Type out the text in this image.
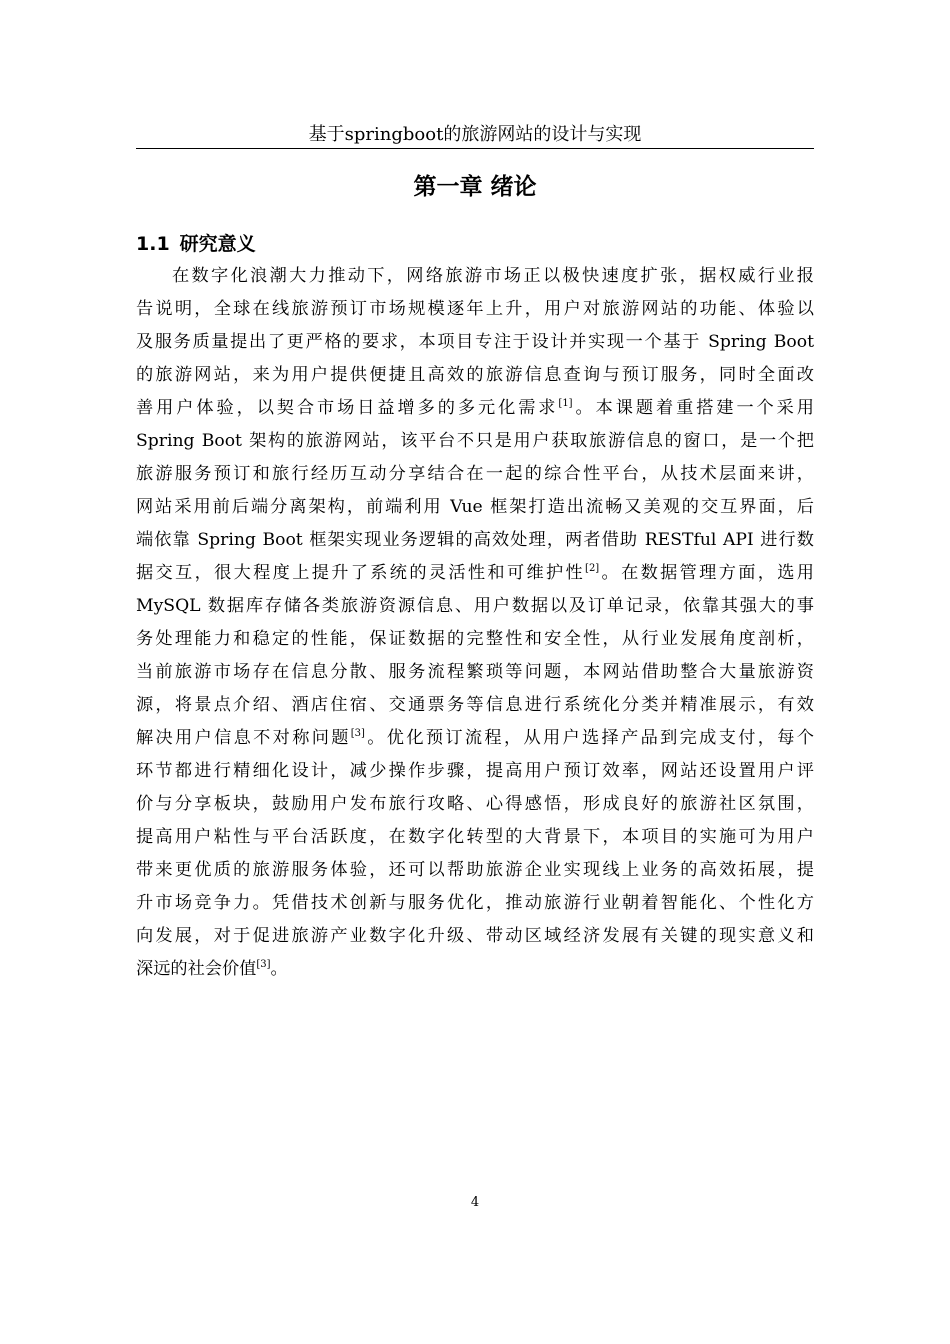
基于springboot的旅游网站的设计与实现
第一章 绪论
1.1 研究意义
在数字化浪潮大力推动下，网络旅游市场正以极快速度扩张，据权威行业报
告说明，全球在线旅游预订市场规模逐年上升，用户对旅游网站的功能、体验以
及服务质量提出了更严格的要求，本项目专注于设计并实现一个基于 Spring Boot
的旅游网站，来为用户提供便捷且高效的旅游信息查询与预订服务，同时全面改
善用户体验，以契合市场日益增多的多元化需求[1]。本课题着重搭建一个采用
Spring Boot 架构的旅游网站，该平台不只是用户获取旅游信息的窗口，是一个把
旅游服务预订和旅行经历互动分享结合在一起的综合性平台，从技术层面来讲，
网站采用前后端分离架构，前端利用 Vue 框架打造出流畅又美观的交互界面，后
端依靠 Spring Boot 框架实现业务逻辑的高效处理，两者借助 RESTful API 进行数
据交互，很大程度上提升了系统的灵活性和可维护性[2]。在数据管理方面，选用
MySQL 数据库存储各类旅游资源信息、用户数据以及订单记录，依靠其强大的事
务处理能力和稳定的性能，保证数据的完整性和安全性，从行业发展角度剖析，
当前旅游市场存在信息分散、服务流程繁琐等问题，本网站借助整合大量旅游资
源，将景点介绍、酒店住宿、交通票务等信息进行系统化分类并精准展示，有效
解决用户信息不对称问题[3]。优化预订流程，从用户选择产品到完成支付，每个
环节都进行精细化设计，减少操作步骤，提高用户预订效率，网站还设置用户评
价与分享板块，鼓励用户发布旅行攻略、心得感悟，形成良好的旅游社区氛围，
提高用户粘性与平台活跃度，在数字化转型的大背景下，本项目的实施可为用户
带来更优质的旅游服务体验，还可以帮助旅游企业实现线上业务的高效拓展，提
升市场竞争力。凭借技术创新与服务优化，推动旅游行业朝着智能化、个性化方
向发展，对于促进旅游产业数字化升级、带动区域经济发展有关键的现实意义和
深远的社会价值[3]。
4
